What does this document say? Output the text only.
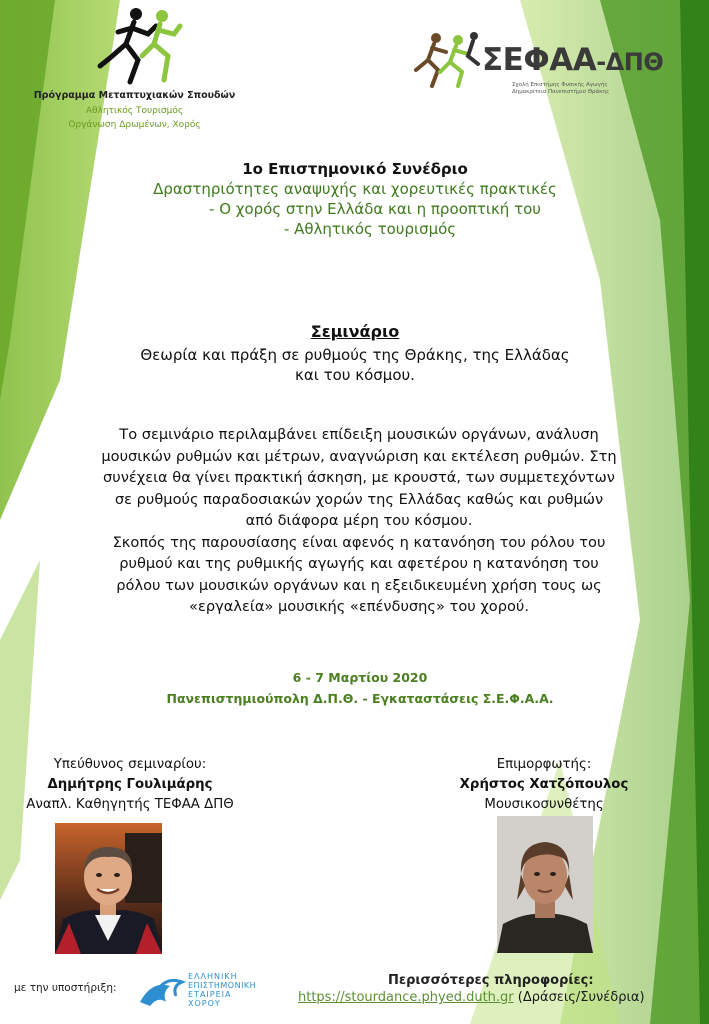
Πρόγραμμα Μεταπτυχιακών Σπουδών
Αθλητικός Τουρισμός
Οργάνωση Δρωμένων, Χορός
ΣΕΦΑΑ-ΔΠΘ
Σχολή Επιστήμης Φυσικής Αγωγής
Δημοκρίτειο Πανεπιστήμιο Θράκης
1ο Επιστημονικό Συνέδριο
Δραστηριότητες αναψυχής και χορευτικές πρακτικές
- Ο χορός στην Ελλάδα και η προοπτική του
- Αθλητικός τουρισμός
Σεμινάριο
Θεωρία και πράξη σε ρυθμούς της Θράκης, της Ελλάδας
και του κόσμου.
Το σεμινάριο περιλαμβάνει επίδειξη μουσικών οργάνων, ανάλυση
μουσικών ρυθμών και μέτρων, αναγνώριση και εκτέλεση ρυθμών. Στη
συνέχεια θα γίνει πρακτική άσκηση, με κρουστά, των συμμετεχόντων
σε ρυθμούς παραδοσιακών χορών της Ελλάδας καθώς και ρυθμών
από διάφορα μέρη του κόσμου.
Σκοπός της παρουσίασης είναι αφενός η κατανόηση του ρόλου του
ρυθμού και της ρυθμικής αγωγής και αφετέρου η κατανόηση του
ρόλου των μουσικών οργάνων και η εξειδικευμένη χρήση τους ως
«εργαλεία» μουσικής «επένδυσης» του χορού.
6 - 7 Μαρτίου 2020
Πανεπιστημιούπολη Δ.Π.Θ. - Εγκαταστάσεις Σ.Ε.Φ.Α.Α.
Υπεύθυνος σεμιναρίου:
Δημήτρης Γουλιμάρης
Αναπλ. Καθηγητής ΤΕΦΑΑ ΔΠΘ
Επιμορφωτής:
Χρήστος Χατζόπουλος
Μουσικοσυνθέτης
με την υποστήριξη:
ΕΛΛΗΝΙΚΗ
ΕΠΙΣΤΗΜΟΝΙΚΗ
ΕΤΑΙΡΕΙΑ
ΧΟΡΟΥ
Περισσότερες πληροφορίες:
https://stourdance.phyed.duth.gr (Δράσεις/Συνέδρια)
